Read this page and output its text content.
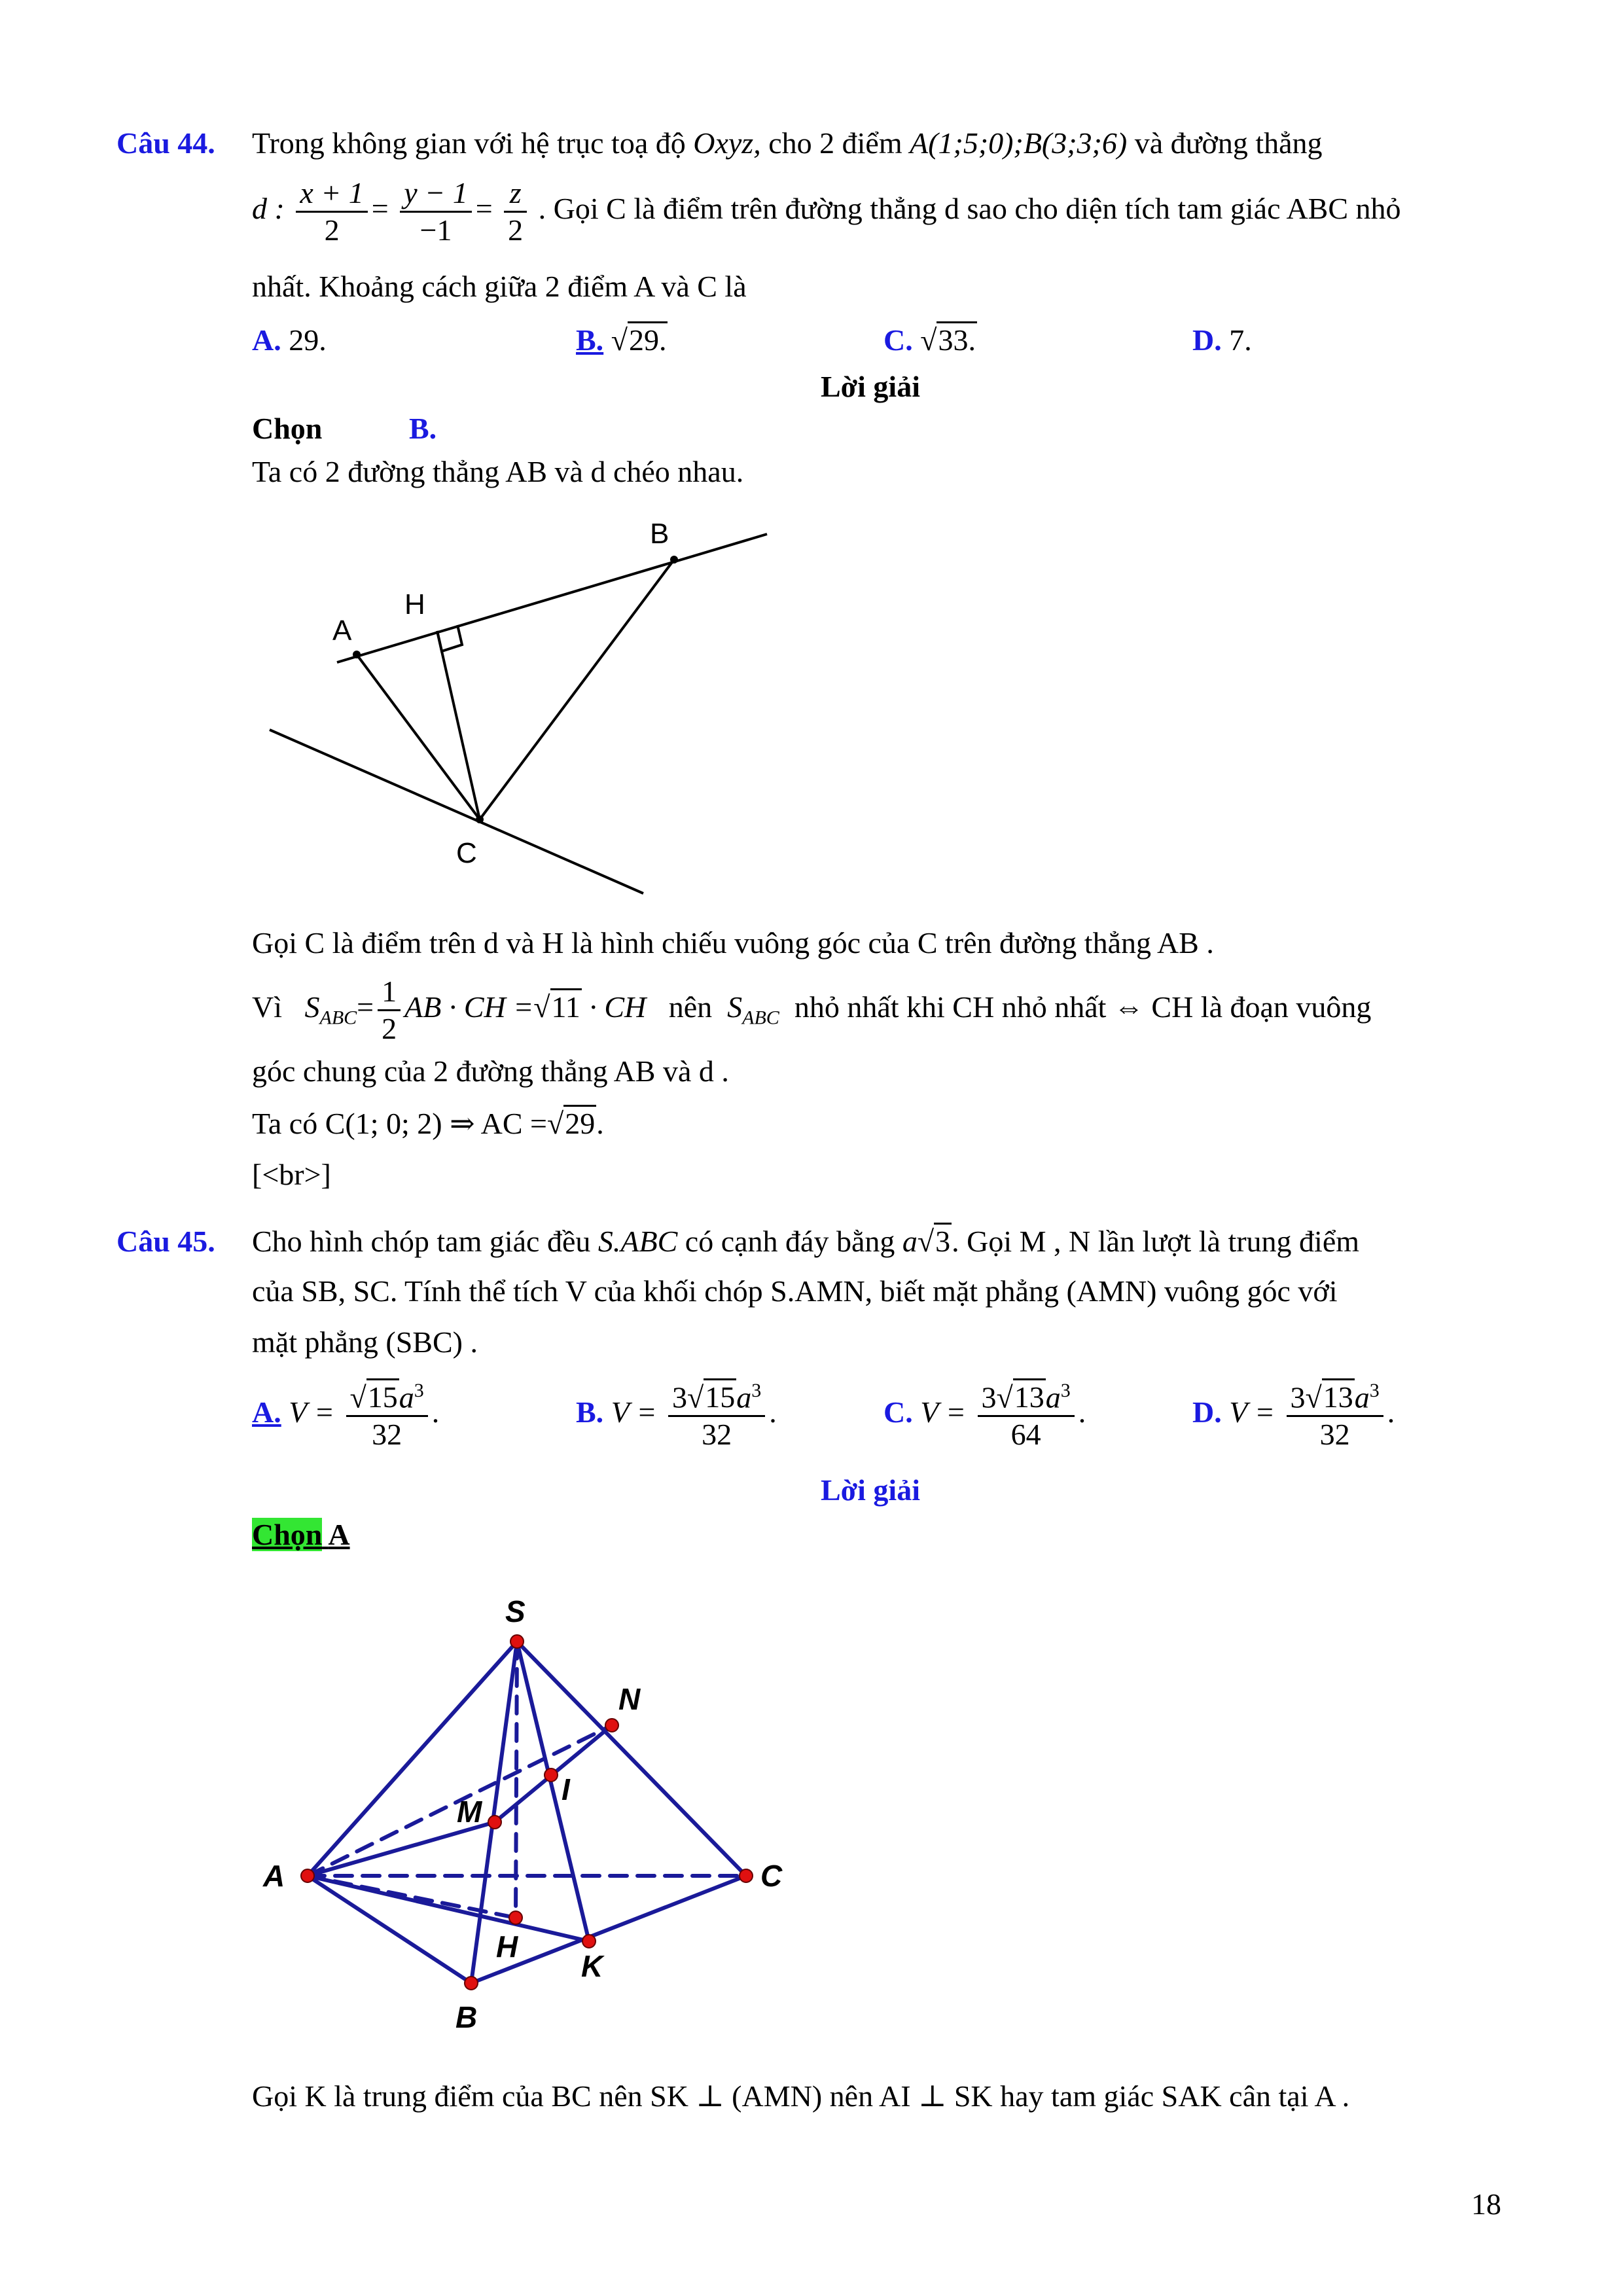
Câu 44. Trong không gian với hệ trục toạ độ Oxyz, cho 2 điểm A(1;5;0);B(3;3;6) và đường thẳng
d : $\frac{x + 1}{2} = \frac{y - 1}{-1} = \frac{z}{2}$ . Gọi C là điểm trên đường thẳng d sao cho diện tích tam giác ABC nhỏ
nhất. Khoảng cách giữa 2 điểm A và C là
A. 29.	B. √29.	C. √33.	D. 7.
Lời giải
Chọn	B.
Ta có 2 đường thẳng AB và d chéo nhau.
A
B
H
C
Gọi C là điểm trên d và H là hình chiếu vuông góc của C trên đường thẳng AB .
Vì $S_{ABC}= \frac{1}{2}$ AB · CH =√11 · CH nên $S_{ABC}$ nhỏ nhất khi CH nhỏ nhất ⇔ CH là đoạn vuông
góc chung của 2 đường thẳng AB và d .
Ta có C(1; 0; 2) ⇒ AC =√29.
[<br>]
Câu 45. Cho hình chóp tam giác đều S.ABC có cạnh đáy bằng a√3. Gọi M , N lần lượt là trung điểm
của SB, SC. Tính thể tích V của khối chóp S.AMN, biết mặt phẳng (AMN) vuông góc với
mặt phẳng (SBC) .
A. $V = \frac{√15a^3}{32}$ .	B. $V = \frac{3√15a^3}{32}$ .	C. $V = \frac{3√13a^3}{64}$ .	D. $V = \frac{3√13a^3}{32}$ .
Lời giải
Chọn A
S
N
I
M
A	C
H
K
B
Gọi K là trung điểm của BC nên SK ⊥ (AMN) nên AI ⊥ SK hay tam giác SAK cân tại A .
18
